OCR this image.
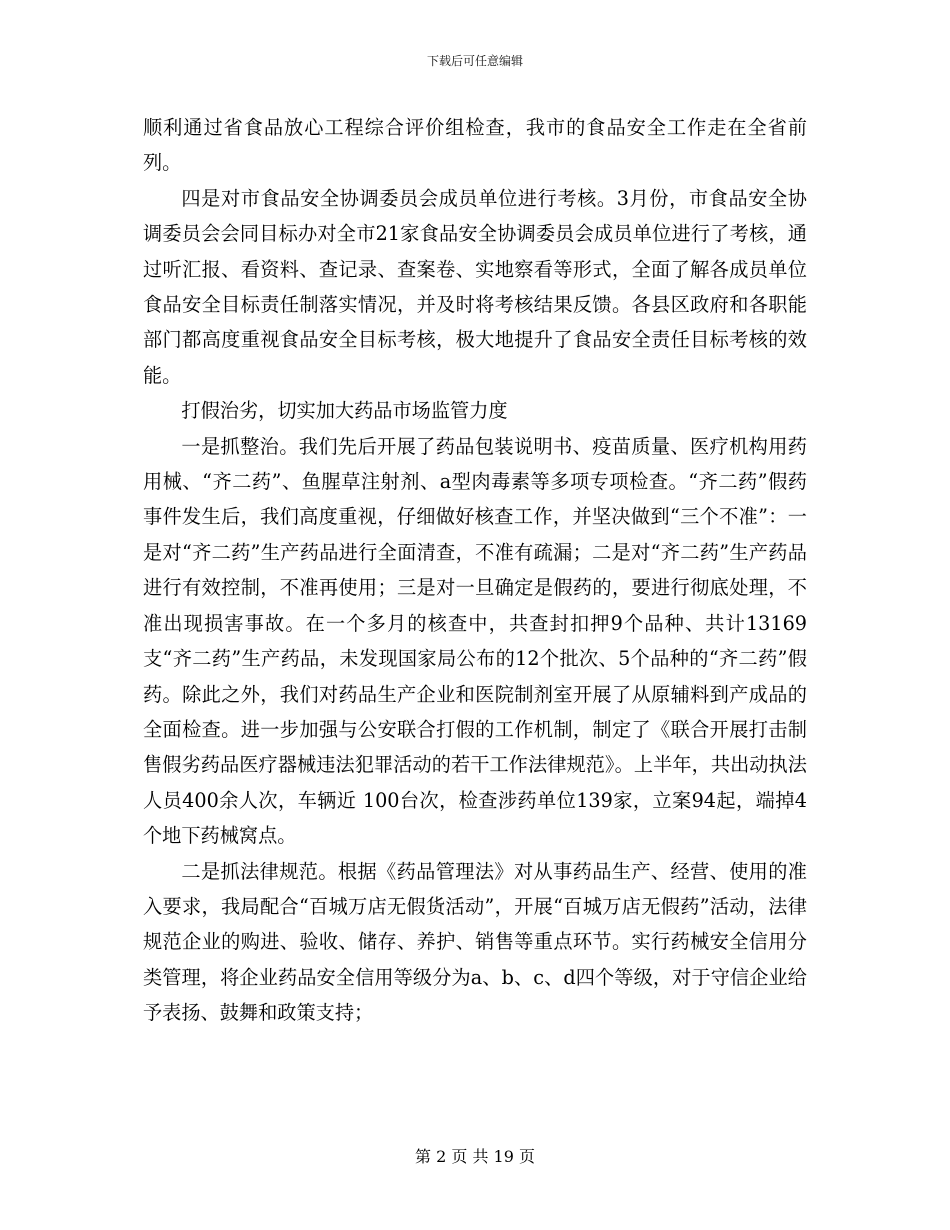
下载后可任意编辑

顺利通过省食品放心工程综合评价组检查，我市的食品安全工作走在全省前列。

四是对市食品安全协调委员会成员单位进行考核。3月份，市食品安全协调委员会会同目标办对全市21家食品安全协调委员会成员单位进行了考核，通过听汇报、看资料、查记录、查案卷、实地察看等形式，全面了解各成员单位食品安全目标责任制落实情况，并及时将考核结果反馈。各县区政府和各职能部门都高度重视食品安全目标考核，极大地提升了食品安全责任目标考核的效能。

打假治劣，切实加大药品市场监管力度

一是抓整治。我们先后开展了药品包装说明书、疫苗质量、医疗机构用药用械、“齐二药”、鱼腥草注射剂、a型肉毒素等多项专项检查。“齐二药”假药事件发生后，我们高度重视，仔细做好核查工作，并坚决做到“三个不准”：一是对“齐二药”生产药品进行全面清查，不准有疏漏；二是对“齐二药”生产药品进行有效控制，不准再使用；三是对一旦确定是假药的，要进行彻底处理，不准出现损害事故。在一个多月的核查中，共查封扣押9个品种、共计13169支“齐二药”生产药品，未发现国家局公布的12个批次、5个品种的“齐二药”假药。除此之外，我们对药品生产企业和医院制剂室开展了从原辅料到产成品的全面检查。进一步加强与公安联合打假的工作机制，制定了《联合开展打击制售假劣药品医疗器械违法犯罪活动的若干工作法律规范》。上半年，共出动执法人员400余人次，车辆近 100台次，检查涉药单位139家，立案94起，端掉4个地下药械窝点。

二是抓法律规范。根据《药品管理法》对从事药品生产、经营、使用的准入要求，我局配合“百城万店无假货活动”，开展“百城万店无假药”活动，法律规范企业的购进、验收、储存、养护、销售等重点环节。实行药械安全信用分类管理，将企业药品安全信用等级分为a、b、c、d四个等级，对于守信企业给予表扬、鼓舞和政策支持；

第 2 页 共 19 页
